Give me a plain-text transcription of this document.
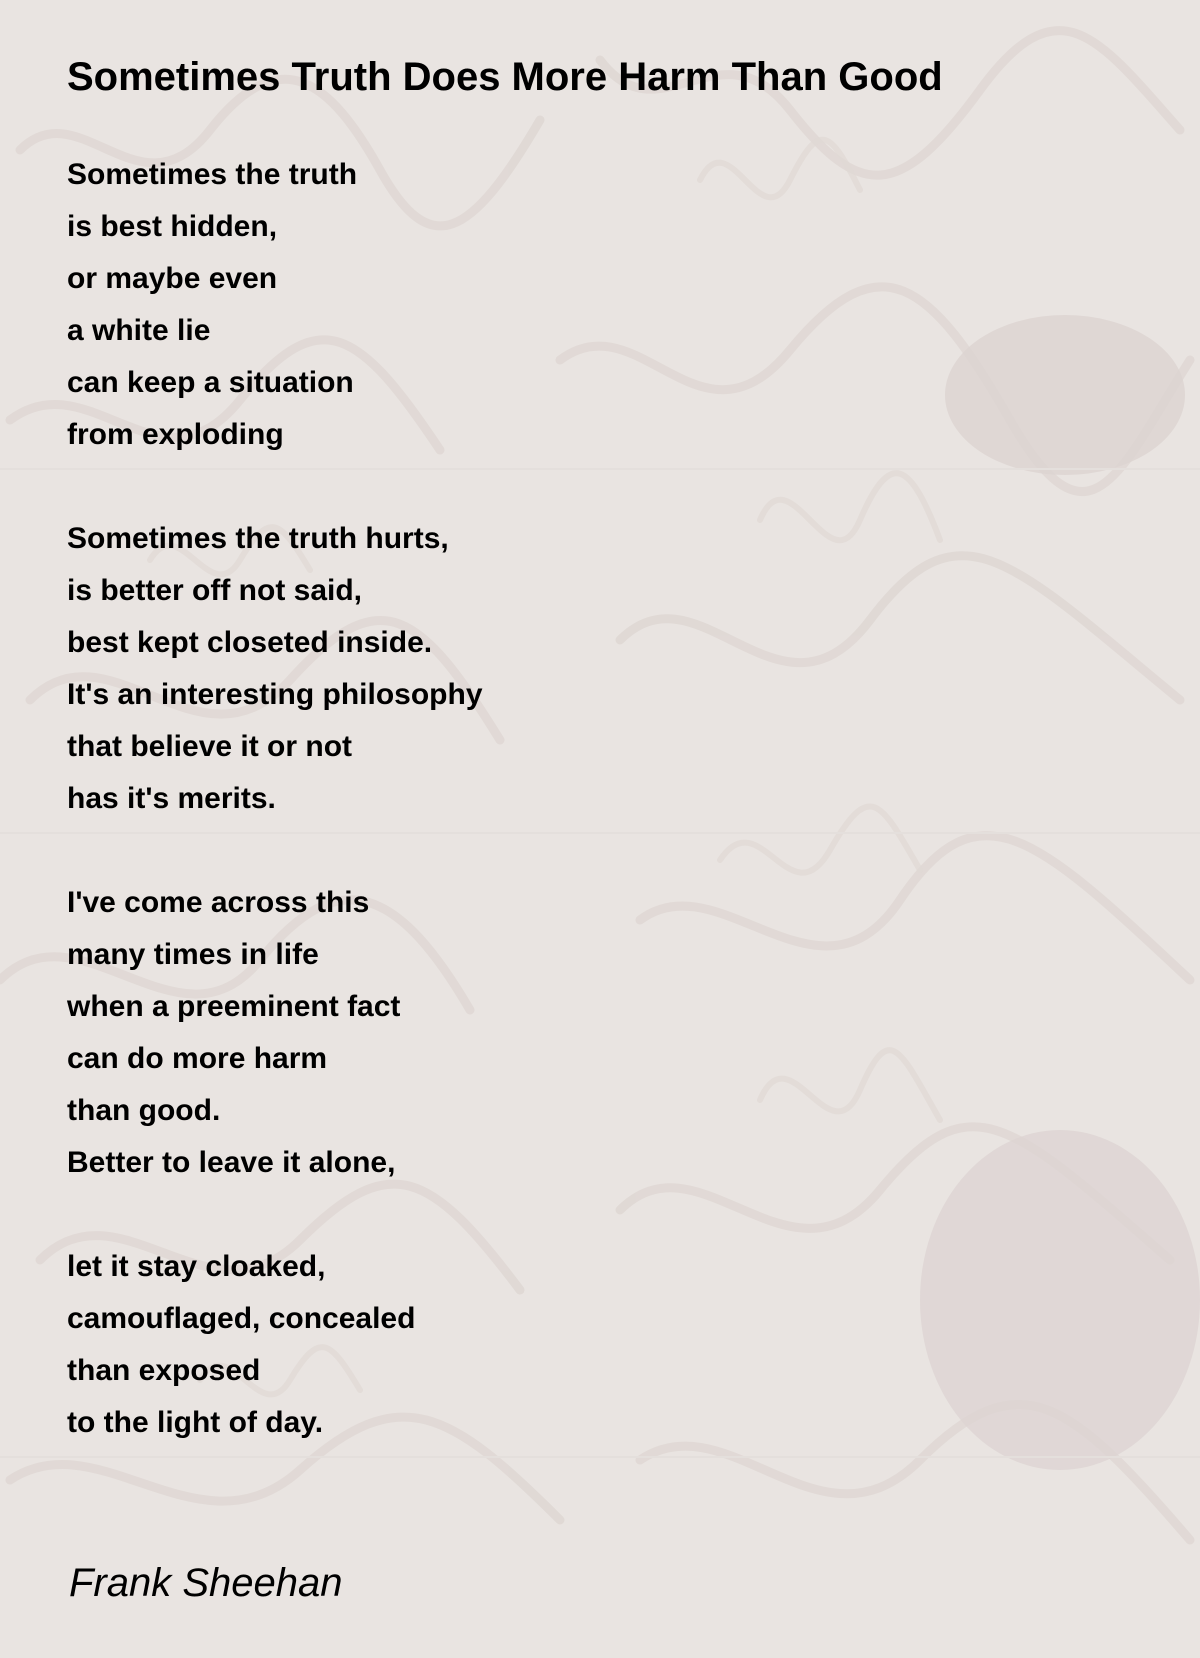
Sometimes Truth Does More Harm Than Good
Sometimes the truth
is best hidden,
or maybe even
a white lie
can keep a situation
from exploding
Sometimes the truth hurts,
is better off not said,
best kept closeted inside.
It's an interesting philosophy
that believe it or not
has it's merits.
I've come across this
many times in life
when a preeminent fact
can do more harm
than good.
Better to leave it alone,
let it stay cloaked,
camouflaged, concealed
than exposed
to the light of day.
Frank Sheehan
